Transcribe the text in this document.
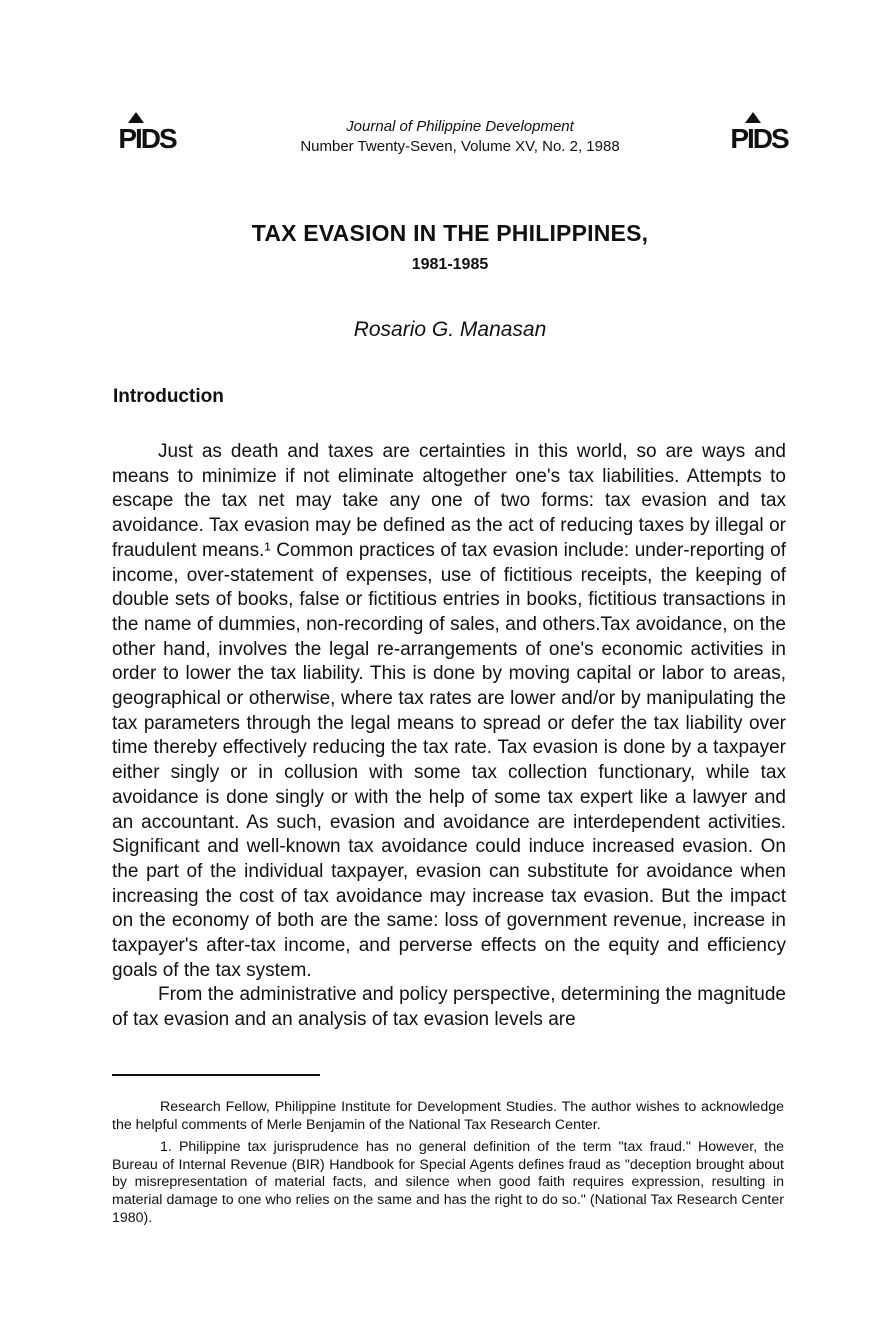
PIDS	Journal of Philippine Development
Number Twenty-Seven, Volume XV, No. 2, 1988	PIDS
TAX EVASION IN THE PHILIPPINES,
1981-1985
Rosario G. Manasan
Introduction

Just as death and taxes are certainties in this world, so are ways and means to minimize if not eliminate altogether one's tax liabilities. Attempts to escape the tax net may take any one of two forms: tax evasion and tax avoidance. Tax evasion may be defined as the act of reducing taxes by illegal or fraudulent means.¹ Common practices of tax evasion include: under-reporting of income, over-statement of expenses, use of fictitious receipts, the keeping of double sets of books, false or fictitious entries in books, fictitious transactions in the name of dummies, non-recording of sales, and others.Tax avoidance, on the other hand, involves the legal re-arrangements of one's economic activities in order to lower the tax liability. This is done by moving capital or labor to areas, geographical or otherwise, where tax rates are lower and/or by manipulating the tax parameters through the legal means to spread or defer the tax liability over time thereby effectively reducing the tax rate. Tax evasion is done by a taxpayer either singly or in collusion with some tax collection functionary, while tax avoidance is done singly or with the help of some tax expert like a lawyer and an accountant. As such, evasion and avoidance are interdependent activities. Significant and well-known tax avoidance could induce increased evasion. On the part of the individual taxpayer, evasion can substitute for avoidance when increasing the cost of tax avoidance may increase tax evasion. But the impact on the economy of both are the same: loss of government revenue, increase in taxpayer's after-tax income, and perverse effects on the equity and efficiency goals of the tax system.

From the administrative and policy perspective, determining the magnitude of tax evasion and an analysis of tax evasion levels are

Research Fellow, Philippine Institute for Development Studies. The author wishes to acknowledge the helpful comments of Merle Benjamin of the National Tax Research Center.

1. Philippine tax jurisprudence has no general definition of the term "tax fraud." However, the Bureau of Internal Revenue (BIR) Handbook for Special Agents defines fraud as "deception brought about by misrepresentation of material facts, and silence when good faith requires expression, resulting in material damage to one who relies on the same and has the right to do so." (National Tax Research Center 1980).
